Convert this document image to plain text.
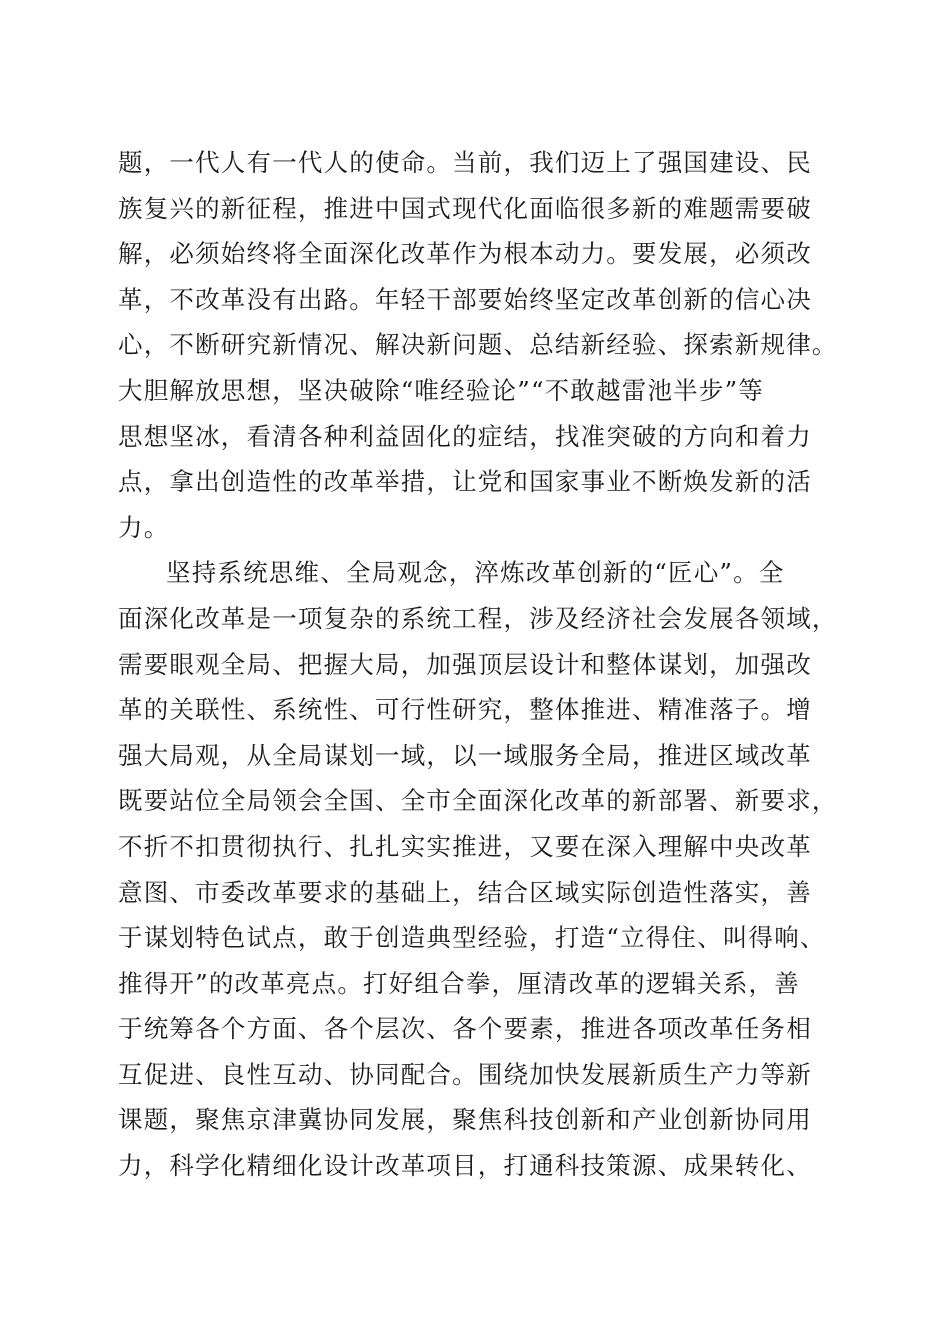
题，一代人有一代人的使命。当前，我们迈上了强国建设、民
族复兴的新征程，推进中国式现代化面临很多新的难题需要破
解，必须始终将全面深化改革作为根本动力。要发展，必须改
革，不改革没有出路。年轻干部要始终坚定改革创新的信心决
心，不断研究新情况、解决新问题、总结新经验、探索新规律。
大胆解放思想，坚决破除“唯经验论”“不敢越雷池半步”等
思想坚冰，看清各种利益固化的症结，找准突破的方向和着力
点，拿出创造性的改革举措，让党和国家事业不断焕发新的活
力。
坚持系统思维、全局观念，淬炼改革创新的“匠心”。全
面深化改革是一项复杂的系统工程，涉及经济社会发展各领域，
需要眼观全局、把握大局，加强顶层设计和整体谋划，加强改
革的关联性、系统性、可行性研究，整体推进、精准落子。增
强大局观，从全局谋划一域，以一域服务全局，推进区域改革
既要站位全局领会全国、全市全面深化改革的新部署、新要求，
不折不扣贯彻执行、扎扎实实推进，又要在深入理解中央改革
意图、市委改革要求的基础上，结合区域实际创造性落实，善
于谋划特色试点，敢于创造典型经验，打造“立得住、叫得响、
推得开”的改革亮点。打好组合拳，厘清改革的逻辑关系，善
于统筹各个方面、各个层次、各个要素，推进各项改革任务相
互促进、良性互动、协同配合。围绕加快发展新质生产力等新
课题，聚焦京津冀协同发展，聚焦科技创新和产业创新协同用
力，科学化精细化设计改革项目，打通科技策源、成果转化、
